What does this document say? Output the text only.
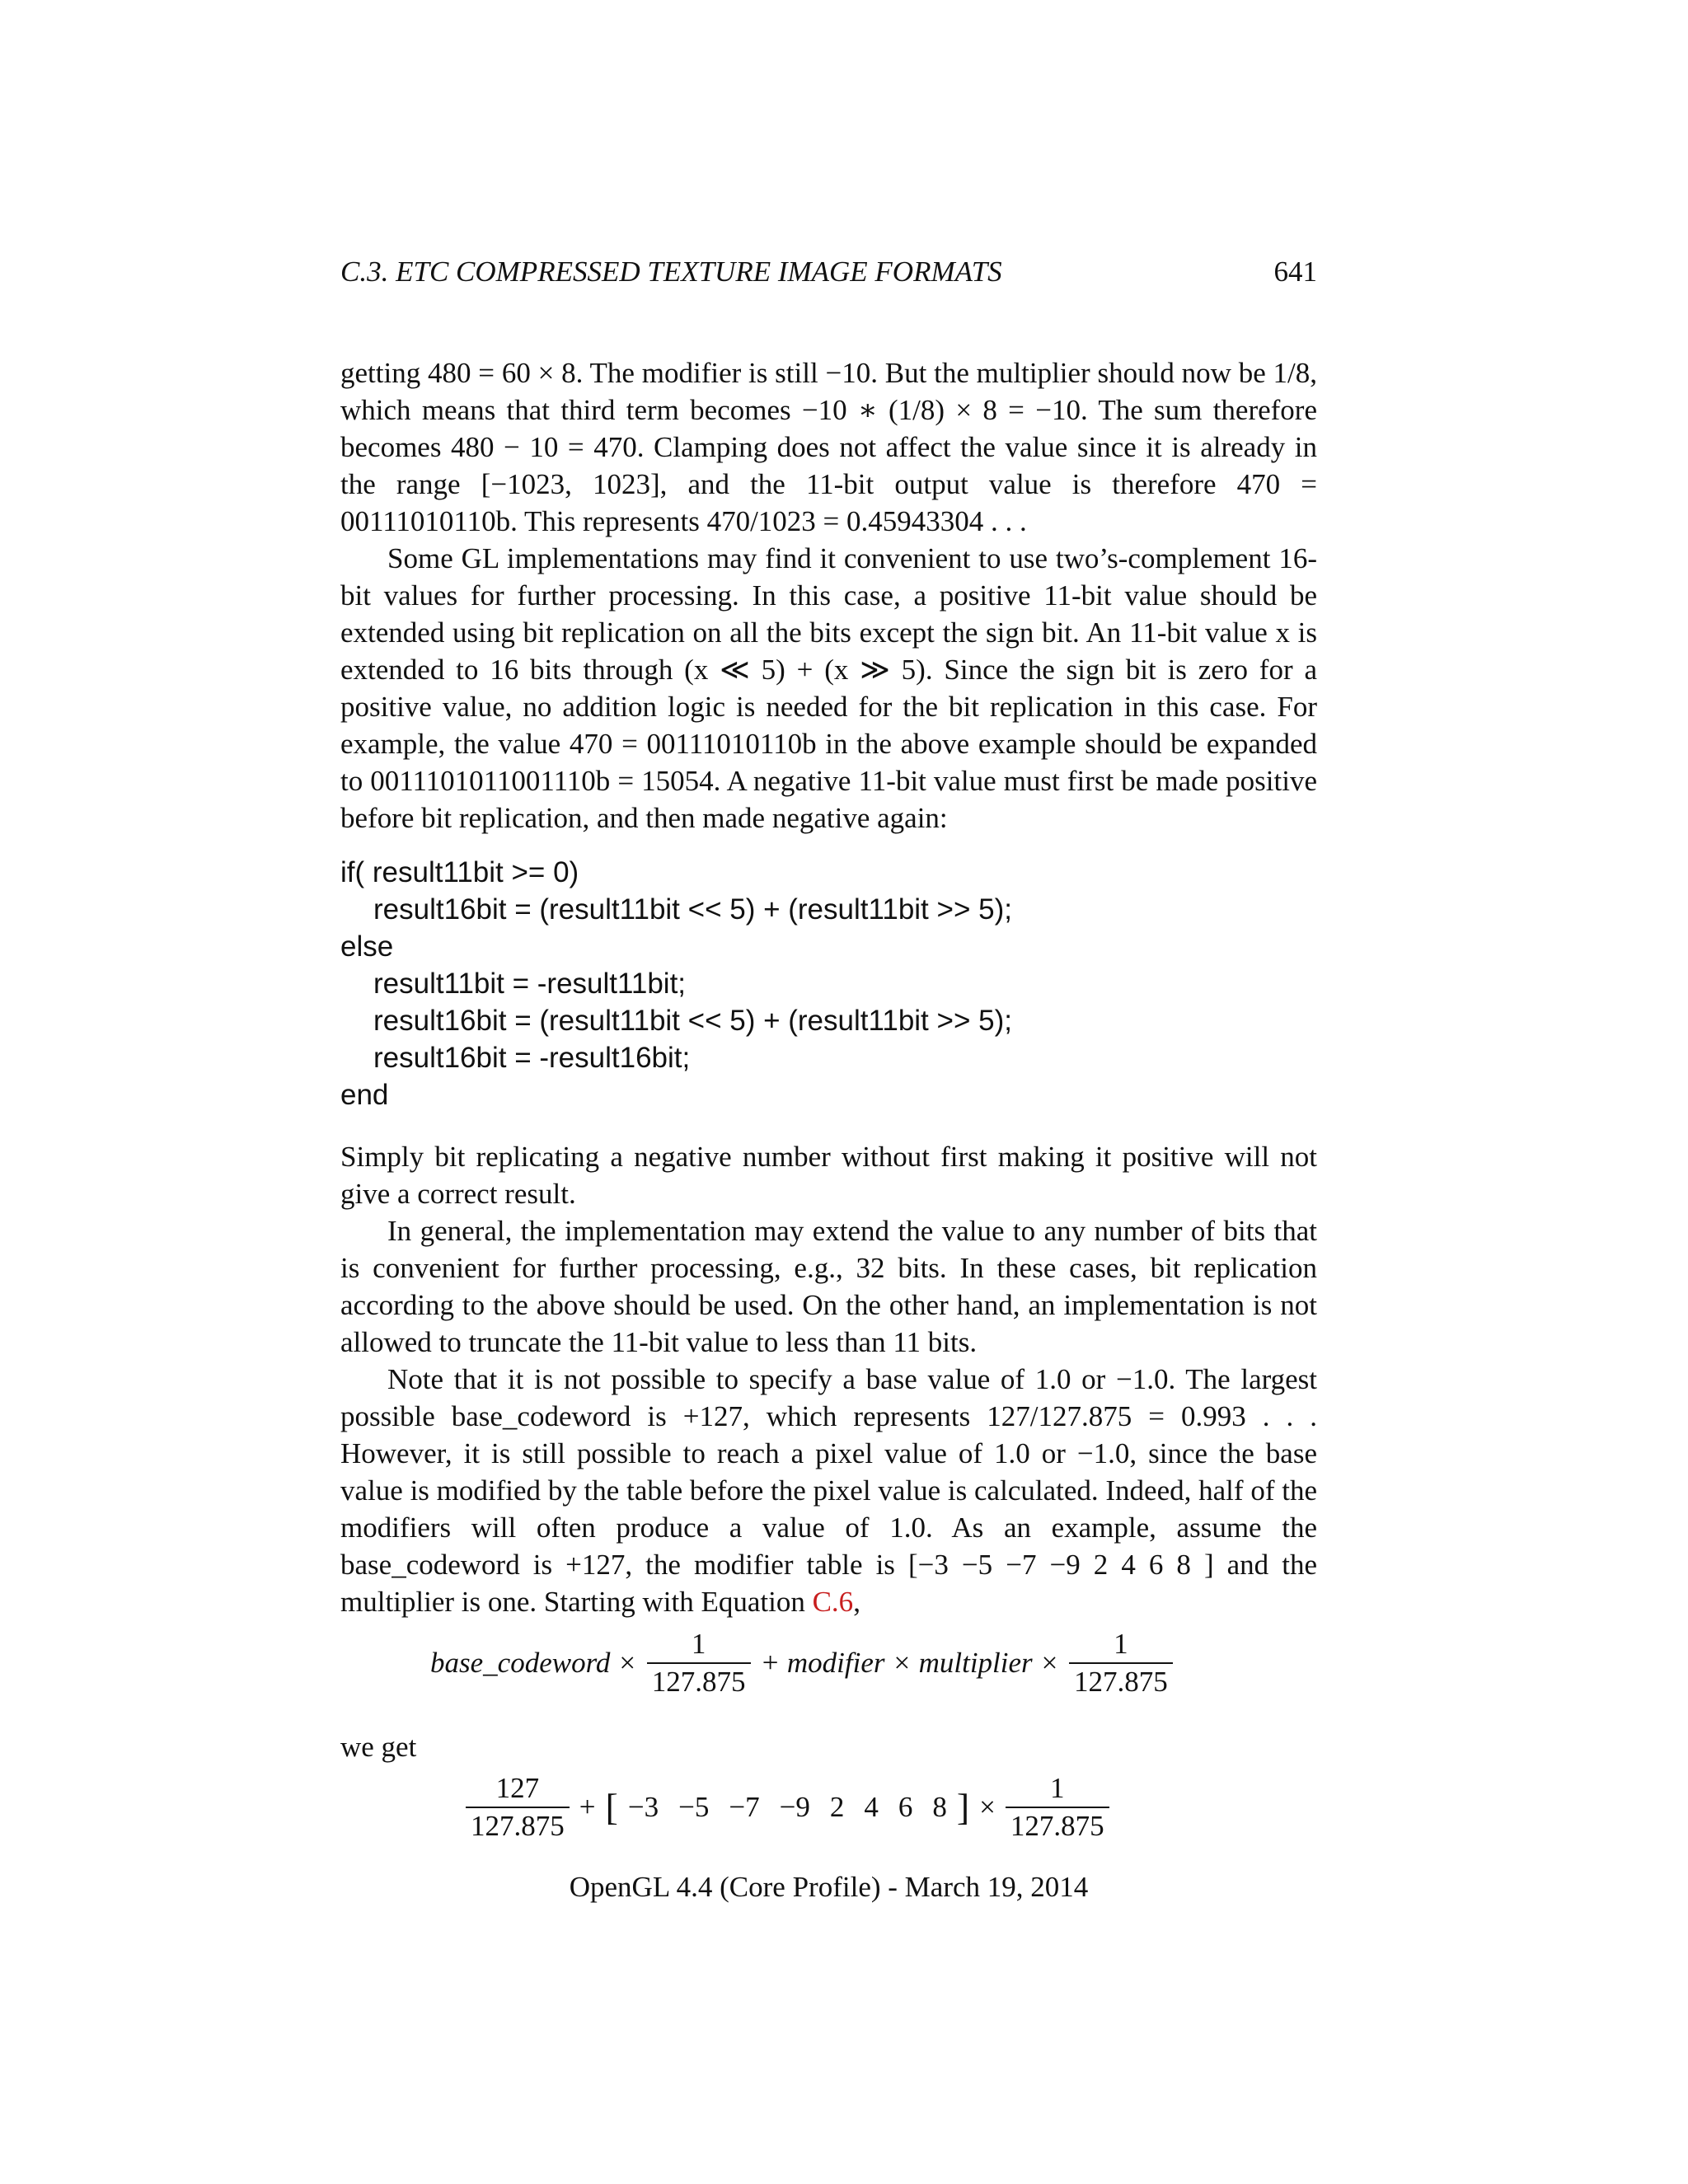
C.3. ETC COMPRESSED TEXTURE IMAGE FORMATS	641

getting 480 = 60 × 8. The modifier is still −10. But the multiplier should now be 1/8, which means that third term becomes −10 ∗ (1/8) × 8 = −10. The sum therefore becomes 480 − 10 = 470. Clamping does not affect the value since it is already in the range [−1023, 1023], and the 11-bit output value is therefore 470 = 00111010110b. This represents 470/1023 = 0.45943304 . . .

Some GL implementations may find it convenient to use two’s-complement 16-bit values for further processing. In this case, a positive 11-bit value should be extended using bit replication on all the bits except the sign bit. An 11-bit value x is extended to 16 bits through (x ≪ 5) + (x ≫ 5). Since the sign bit is zero for a positive value, no addition logic is needed for the bit replication in this case. For example, the value 470 = 00111010110b in the above example should be expanded to 0011101011001110b = 15054. A negative 11-bit value must first be made positive before bit replication, and then made negative again:

if( result11bit >= 0)
result16bit = (result11bit << 5) + (result11bit >> 5);
else
result11bit = -result11bit;
result16bit = (result11bit << 5) + (result11bit >> 5);
result16bit = -result16bit;
end

Simply bit replicating a negative number without first making it positive will not give a correct result.

In general, the implementation may extend the value to any number of bits that is convenient for further processing, e.g., 32 bits. In these cases, bit replication according to the above should be used. On the other hand, an implementation is not allowed to truncate the 11-bit value to less than 11 bits.

Note that it is not possible to specify a base value of 1.0 or −1.0. The largest possible base_codeword is +127, which represents 127/127.875 = 0.993 . . . However, it is still possible to reach a pixel value of 1.0 or −1.0, since the base value is modified by the table before the pixel value is calculated. Indeed, half of the modifiers will often produce a value of 1.0. As an example, assume the base_codeword is +127, the modifier table is [−3 −5 −7 −9 2 4 6 8 ] and the multiplier is one. Starting with Equation C.6,

base_codeword × $\frac{1}{127.875}$ + modifier × multiplier × $\frac{1}{127.875}$

we get

$\frac{127}{127.875}$ + [ −3 −5 −7 −9 2 4 6 8 ] × $\frac{1}{127.875}$
OpenGL 4.4 (Core Profile) - March 19, 2014
